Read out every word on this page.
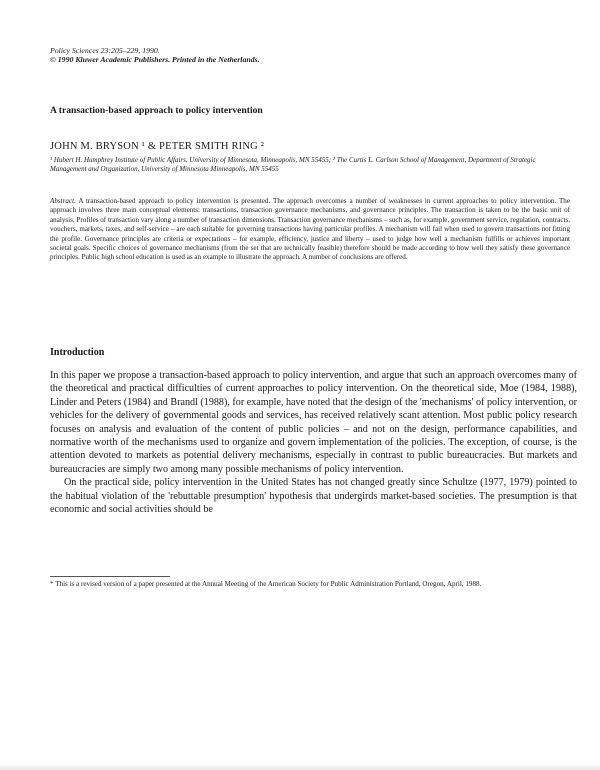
Policy Sciences 23:205–229, 1990.
© 1990 Kluwer Academic Publishers. Printed in the Netherlands.
A transaction-based approach to policy intervention
JOHN M. BRYSON ¹ & PETER SMITH RING ²
¹ Hubert H. Humphrey Institute of Public Affairs, University of Minnesota, Minneapolis, MN 55455; ² The Curtis L. Carlson School of Management, Department of Strategic Management and Organization, University of Minnesota Minneapolis, MN 55455
Abstract. A transaction-based approach to policy intervention is presented. The approach overcomes a number of weaknesses in current approaches to policy intervention. The approach involves three main conceptual elements: transactions, transaction governance mechanisms, and governance principles. The transaction is taken to be the basic unit of analysis. Profiles of transaction vary along a number of transaction dimensions. Transaction governance mechanisms – such as, for example, government service, regulation, contracts, vouchers, markets, taxes, and self-service – are each suitable for governing transactions having particular profiles. A mechanism will fail when used to govern transactions not fitting the profile. Governance principles are criteria or expectations – for example, efficiency, justice and liberty – used to judge how well a mechanism fulfills or achieves important societal goals. Specific choices of governance mechanisms (from the set that are technically feasible) therefore should be made according to how well they satisfy these governance principles. Public high school education is used as an example to illustrate the approach. A number of conclusions are offered.
Introduction

In this paper we propose a transaction-based approach to policy intervention, and argue that such an approach overcomes many of the theoretical and practical difficulties of current approaches to policy intervention. On the theoretical side, Moe (1984, 1988), Linder and Peters (1984) and Brandl (1988), for example, have noted that the design of the 'mechanisms' of policy intervention, or vehicles for the delivery of governmental goods and services, has received relatively scant attention. Most public policy research focuses on analysis and evaluation of the content of public policies – and not on the design, performance capabilities, and normative worth of the mechanisms used to organize and govern implementation of the policies. The exception, of course, is the attention devoted to markets as potential delivery mechanisms, especially in contrast to public bureaucracies. But markets and bureaucracies are simply two among many possible mechanisms of policy intervention.

On the practical side, policy intervention in the United States has not changed greatly since Schultze (1977, 1979) pointed to the habitual violation of the 'rebuttable presumption' hypothesis that undergirds market-based societies. The presumption is that economic and social activities should be

* This is a revised version of a paper presented at the Annual Meeting of the American Society for Public Administration Portland, Oregon, April, 1988.
